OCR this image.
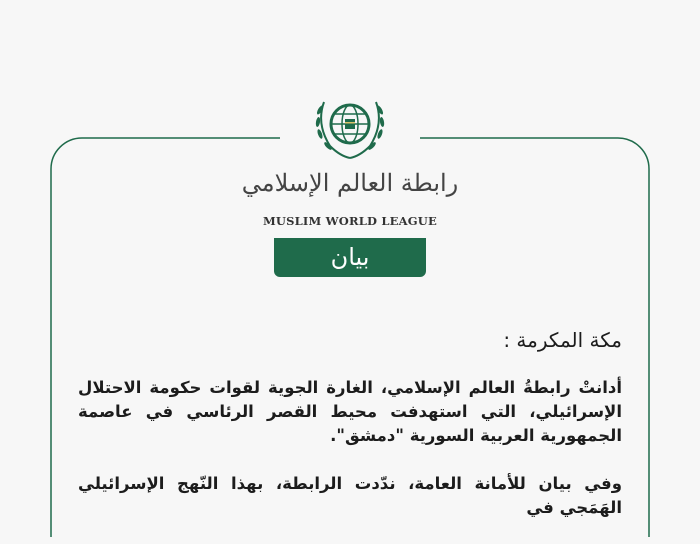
رابطة العالم الإسلامي
MUSLIM WORLD LEAGUE
بيان
مكة المكرمة :
أدانتْ رابطةُ العالم الإسلامي، الغارة الجوية لقوات حكومة الاحتلال الإسرائيلي، التي استهدفت محيط القصر الرئاسي في عاصمة الجمهورية العربية السورية "دمشق".
وفي بيان للأمانة العامة، ندّدت الرابطة، بهذا النّهج الإسرائيلي الهَمَجي في
